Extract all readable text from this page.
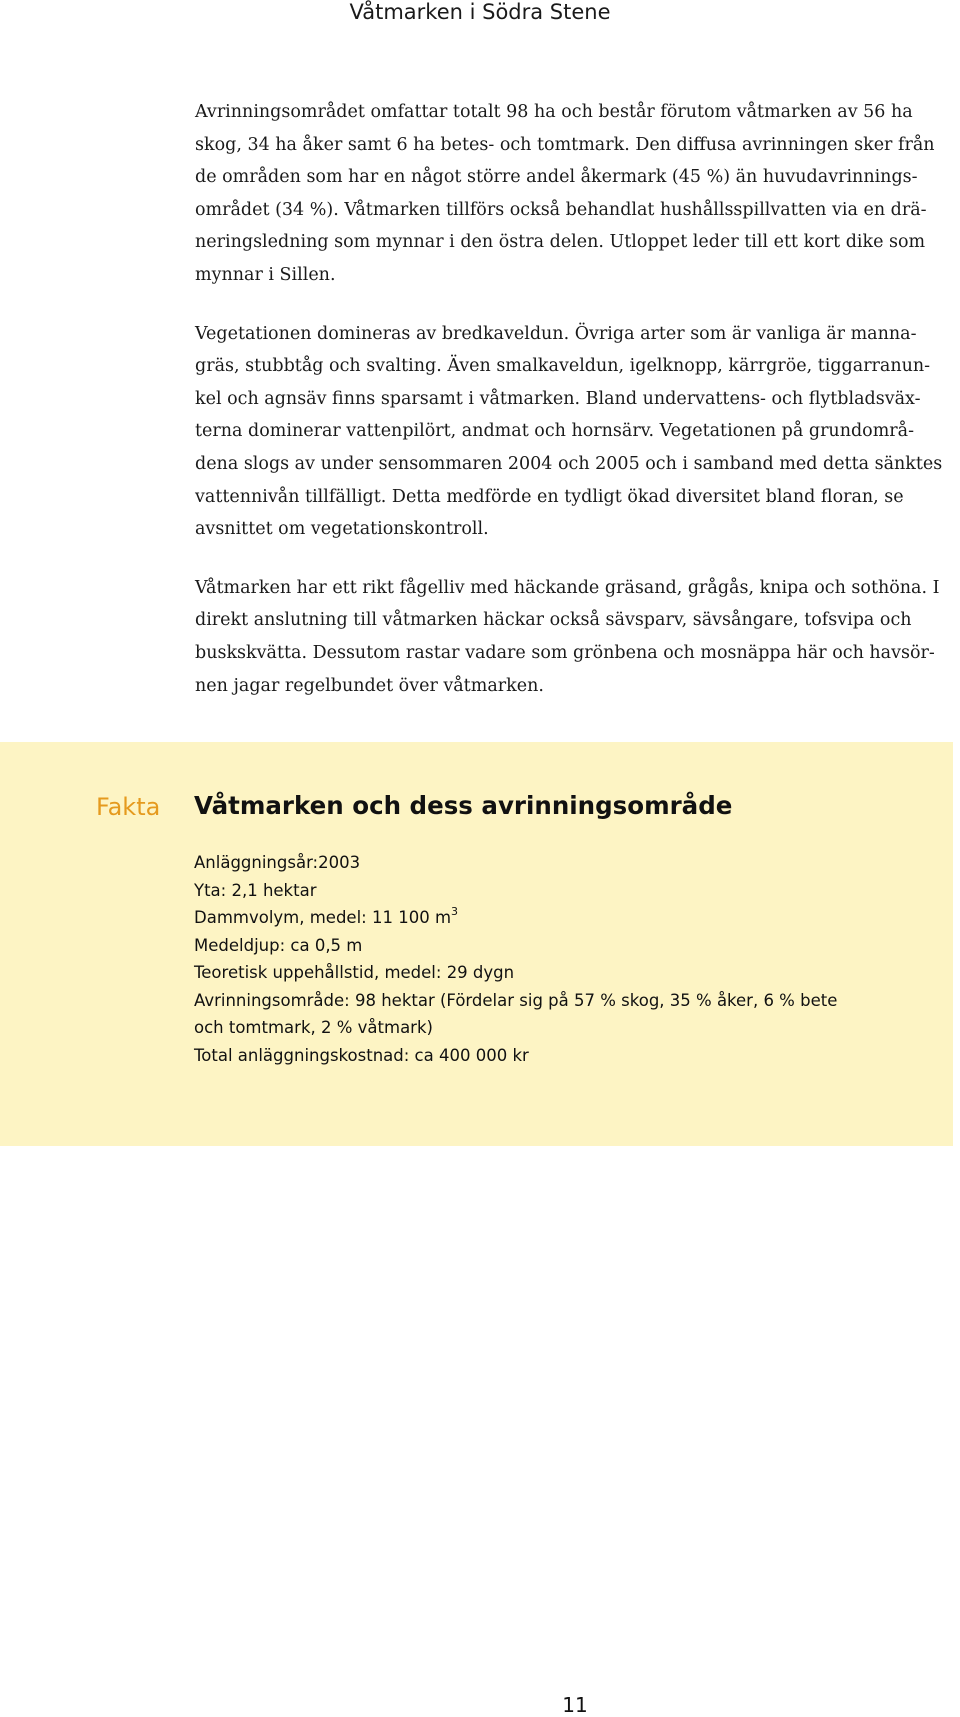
Våtmarken i Södra Stene

Avrinningsområdet omfattar totalt 98 ha och består förutom våtmarken av 56 ha
skog, 34 ha åker samt 6 ha betes- och tomtmark. Den diffusa avrinningen sker från
de områden som har en något större andel åkermark (45 %) än huvudavrinnings-
området (34 %). Våtmarken tillförs också behandlat hushållsspillvatten via en drä-
neringsledning som mynnar i den östra delen. Utloppet leder till ett kort dike som
mynnar i Sillen.

Vegetationen domineras av bredkaveldun. Övriga arter som är vanliga är manna-
gräs, stubbtåg och svalting. Även smalkaveldun, igelknopp, kärrgröe, tiggarranun-
kel och agnsäv finns sparsamt i våtmarken. Bland undervattens- och flytbladsväx-
terna dominerar vattenpilört, andmat och hornsärv. Vegetationen på grundområ-
dena slogs av under sensommaren 2004 och 2005 och i samband med detta sänktes
vattennivån tillfälligt. Detta medförde en tydligt ökad diversitet bland floran, se
avsnittet om vegetationskontroll.

Våtmarken har ett rikt fågelliv med häckande gräsand, grågås, knipa och sothöna. I
direkt anslutning till våtmarken häckar också sävsparv, sävsångare, tofsvipa och
buskskvätta. Dessutom rastar vadare som grönbena och mosnäppa här och havsör-
nen jagar regelbundet över våtmarken.

Fakta Våtmarken och dess avrinningsområde
Anläggningsår:2003
Yta: 2,1 hektar
Dammvolym, medel: 11 100 $m^3$
Medeldjup: ca 0,5 m
Teoretisk uppehållstid, medel: 29 dygn
Avrinningsområde: 98 hektar (Fördelar sig på 57 % skog, 35 % åker, 6 % bete
och tomtmark, 2 % våtmark)
Total anläggningskostnad: ca 400 000 kr
11
